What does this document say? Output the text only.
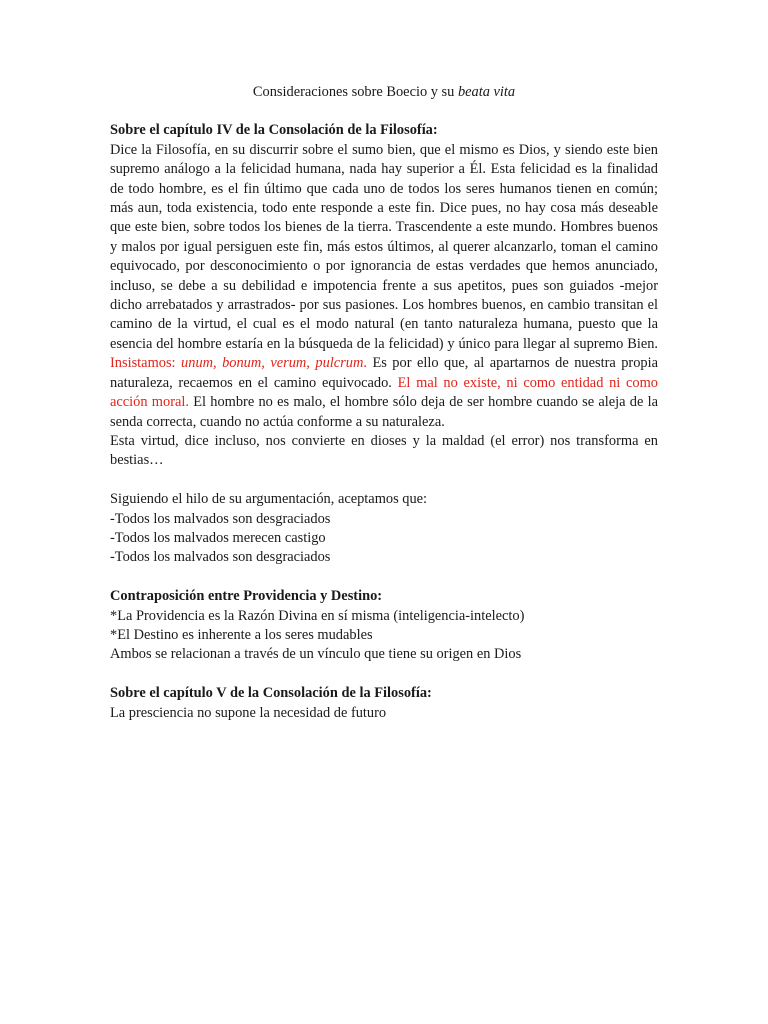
Consideraciones sobre Boecio y su beata vita

Sobre el capítulo IV de la Consolación de la Filosofía:

Dice la Filosofía, en su discurrir sobre el sumo bien, que el mismo es Dios, y siendo este bien supremo análogo a la felicidad humana, nada hay superior a Él. Esta felicidad es la finalidad de todo hombre, es el fin último que cada uno de todos los seres humanos tienen en común; más aun, toda existencia, todo ente responde a este fin. Dice pues, no hay cosa más deseable que este bien, sobre todos los bienes de la tierra. Trascendente a este mundo. Hombres buenos y malos por igual persiguen este fin, más estos últimos, al querer alcanzarlo, toman el camino equivocado, por desconocimiento o por ignorancia de estas verdades que hemos anunciado, incluso, se debe a su debilidad e impotencia frente a sus apetitos, pues son guiados -mejor dicho arrebatados y arrastrados- por sus pasiones. Los hombres buenos, en cambio transitan el camino de la virtud, el cual es el modo natural (en tanto naturaleza humana, puesto que la esencia del hombre estaría en la búsqueda de la felicidad) y único para llegar al supremo Bien. Insistamos: unum, bonum, verum, pulcrum. Es por ello que, al apartarnos de nuestra propia naturaleza, recaemos en el camino equivocado. El mal no existe, ni como entidad ni como acción moral. El hombre no es malo, el hombre sólo deja de ser hombre cuando se aleja de la senda correcta, cuando no actúa conforme a su naturaleza.

Esta virtud, dice incluso, nos convierte en dioses y la maldad (el error) nos transforma en bestias…

Siguiendo el hilo de su argumentación, aceptamos que:

-Todos los malvados son desgraciados

-Todos los malvados merecen castigo

-Todos los malvados son desgraciados

Contraposición entre Providencia y Destino:

*La Providencia es la Razón Divina en sí misma (inteligencia-intelecto)

*El Destino es inherente a los seres mudables

Ambos se relacionan a través de un vínculo que tiene su origen en Dios

Sobre el capítulo V de la Consolación de la Filosofía:

La presciencia no supone la necesidad de futuro
